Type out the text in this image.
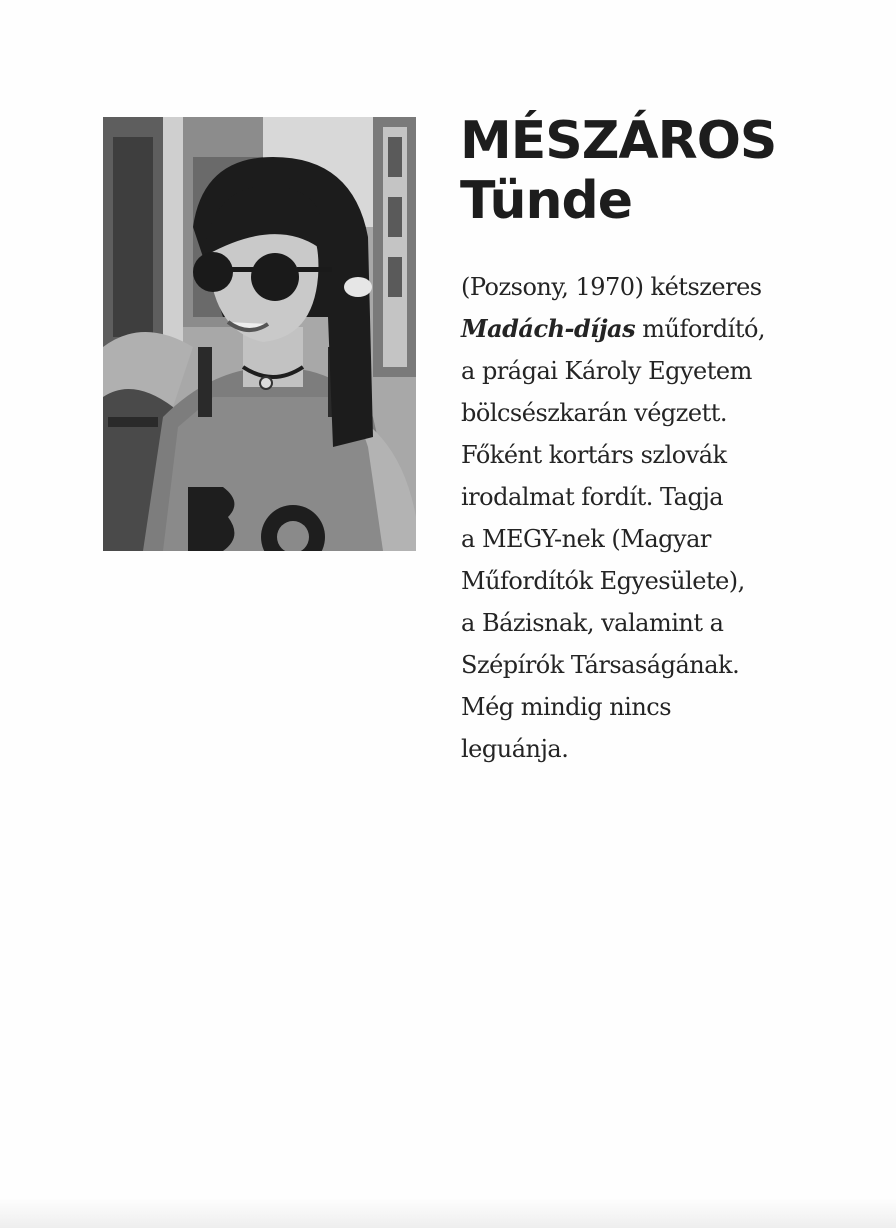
MÉSZÁROS
Tünde
(Pozsony, 1970) kétszeres
Madách-díjas műfordító,
a prágai Károly Egyetem
bölcsészkarán végzett.
Főként kortárs szlovák
irodalmat fordít. Tagja
a MEGY-nek (Magyar
Műfordítók Egyesülete),
a Bázisnak, valamint a
Szépírók Társaságának.
Még mindig nincs
leguánja.
